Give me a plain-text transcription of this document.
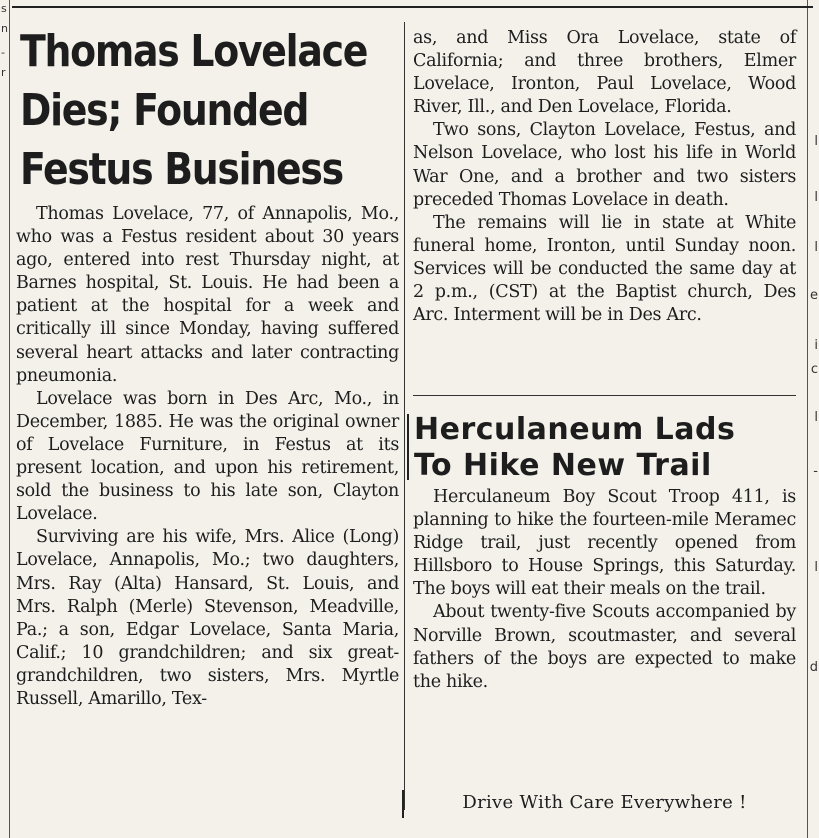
s
n
-
r
l
l
l
e
i
c
l
-
l
d
Thomas Lovelace
Dies; Founded
Festus Business

Thomas Lovelace, 77, of Annapolis, Mo., who was a Festus resident about 30 years ago, entered into rest Thursday night, at Barnes hospital, St. Louis. He had been a patient at the hospital for a week and critically ill since Monday, having suffered several heart attacks and later contracting pneumonia.

Lovelace was born in Des Arc, Mo., in December, 1885. He was the original owner of Lovelace Furniture, in Festus at its present location, and upon his retirement, sold the business to his late son, Clayton Lovelace.

Surviving are his wife, Mrs. Alice (Long) Lovelace, Annapolis, Mo.; two daughters, Mrs. Ray (Alta) Hansard, St. Louis, and Mrs. Ralph (Merle) Stevenson, Meadville, Pa.; a son, Edgar Lovelace, Santa Maria, Calif.; 10 grandchildren; and six great-grandchildren, two sisters, Mrs. Myrtle Russell, Amarillo, Tex-

as, and Miss Ora Lovelace, state of California; and three brothers, Elmer Lovelace, Ironton, Paul Lovelace, Wood River, Ill., and Den Lovelace, Florida.

Two sons, Clayton Lovelace, Festus, and Nelson Lovelace, who lost his life in World War One, and a brother and two sisters preceded Thomas Lovelace in death.

The remains will lie in state at White funeral home, Ironton, until Sunday noon. Services will be conducted the same day at 2 p.m., (CST) at the Baptist church, Des Arc. Interment will be in Des Arc.

Herculaneum Lads
To Hike New Trail

Herculaneum Boy Scout Troop 411, is planning to hike the fourteen-mile Meramec Ridge trail, just recently opened from Hillsboro to House Springs, this Saturday. The boys will eat their meals on the trail.

About twenty-five Scouts accompanied by Norville Brown, scoutmaster, and several fathers of the boys are expected to make the hike.

Drive With Care Everywhere !
